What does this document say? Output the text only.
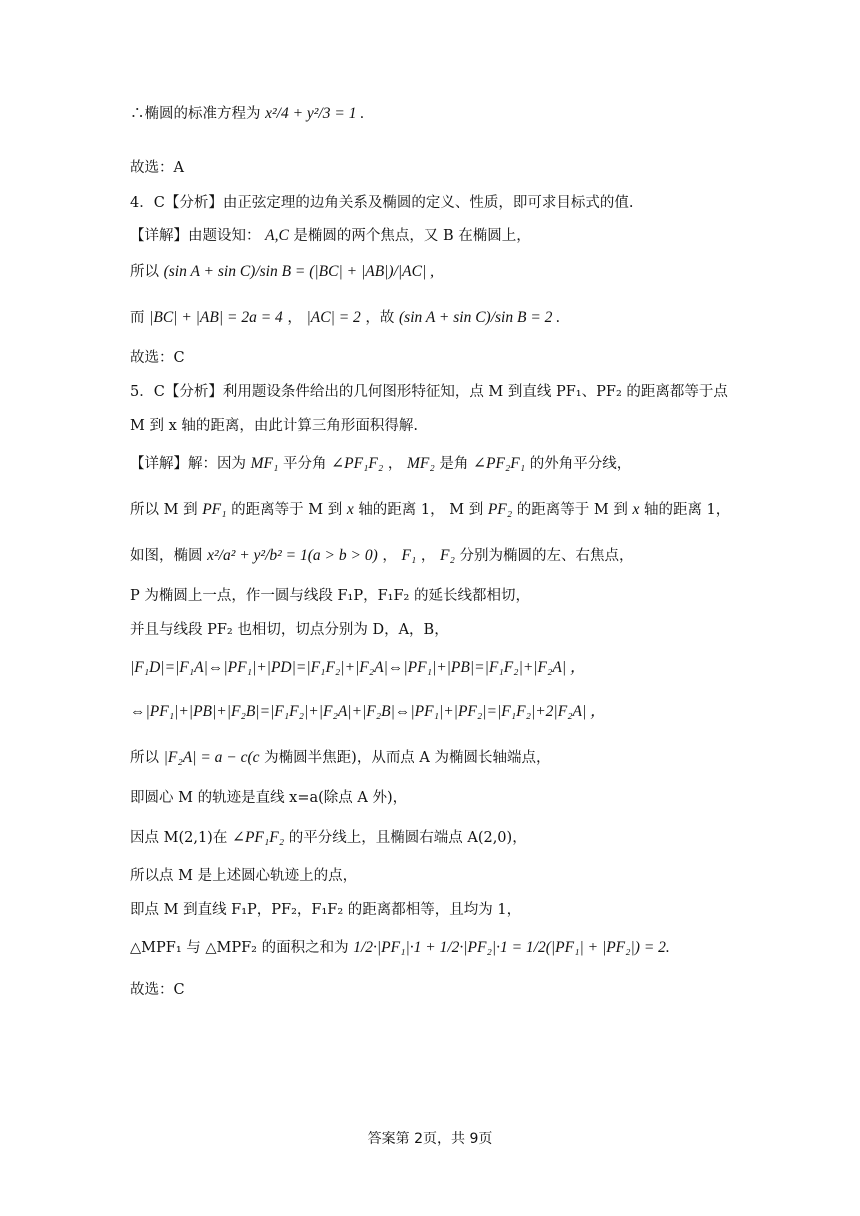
∴椭圆的标准方程为 x²/4 + y²/3 = 1 .
故选：A
4．C【分析】由正弦定理的边角关系及椭圆的定义、性质，即可求目标式的值.
【详解】由题设知： A,C 是椭圆的两个焦点，又 B 在椭圆上，
所以 (sin A + sin C)/sin B = (|BC| + |AB|)/|AC| ,
而 |BC| + |AB| = 2a = 4 ， |AC| = 2 ，故 (sin A + sin C)/sin B = 2 .
故选：C
5．C【分析】利用题设条件给出的几何图形特征知，点 M 到直线 PF₁、PF₂ 的距离都等于点
M 到 x 轴的距离，由此计算三角形面积得解.
【详解】解：因为 MF₁ 平分角 ∠PF₁F₂ ， MF₂ 是角 ∠PF₂F₁ 的外角平分线，
所以 M 到 PF₁ 的距离等于 M 到 x 轴的距离 1， M 到 PF₂ 的距离等于 M 到 x 轴的距离 1，
如图，椭圆 x²/a² + y²/b² = 1(a > b > 0) ， F₁ ， F₂ 分别为椭圆的左、右焦点，
P 为椭圆上一点，作一圆与线段 F₁P，F₁F₂ 的延长线都相切，
并且与线段 PF₂ 也相切，切点分别为 D，A，B，
|F₁D|=|F₁A|⇔|PF₁|+|PD|=|F₁F₂|+|F₂A|⇔|PF₁|+|PB|=|F₁F₂|+|F₂A| ，
⇔|PF₁|+|PB|+|F₂B|=|F₁F₂|+|F₂A|+|F₂B|⇔|PF₁|+|PF₂|=|F₁F₂|+2|F₂A| ，
所以 |F₂A| = a − c(c 为椭圆半焦距)，从而点 A 为椭圆长轴端点，
即圆心 M 的轨迹是直线 x=a(除点 A 外)，
因点 M(2,1)在 ∠PF₁F₂ 的平分线上，且椭圆右端点 A(2,0)，
所以点 M 是上述圆心轨迹上的点，
即点 M 到直线 F₁P，PF₂，F₁F₂ 的距离都相等，且均为 1，
△MPF₁ 与 △MPF₂ 的面积之和为 1/2·|PF₁|·1 + 1/2·|PF₂|·1 = 1/2(|PF₁| + |PF₂|) = 2.
故选：C
答案第 2页，共 9页
